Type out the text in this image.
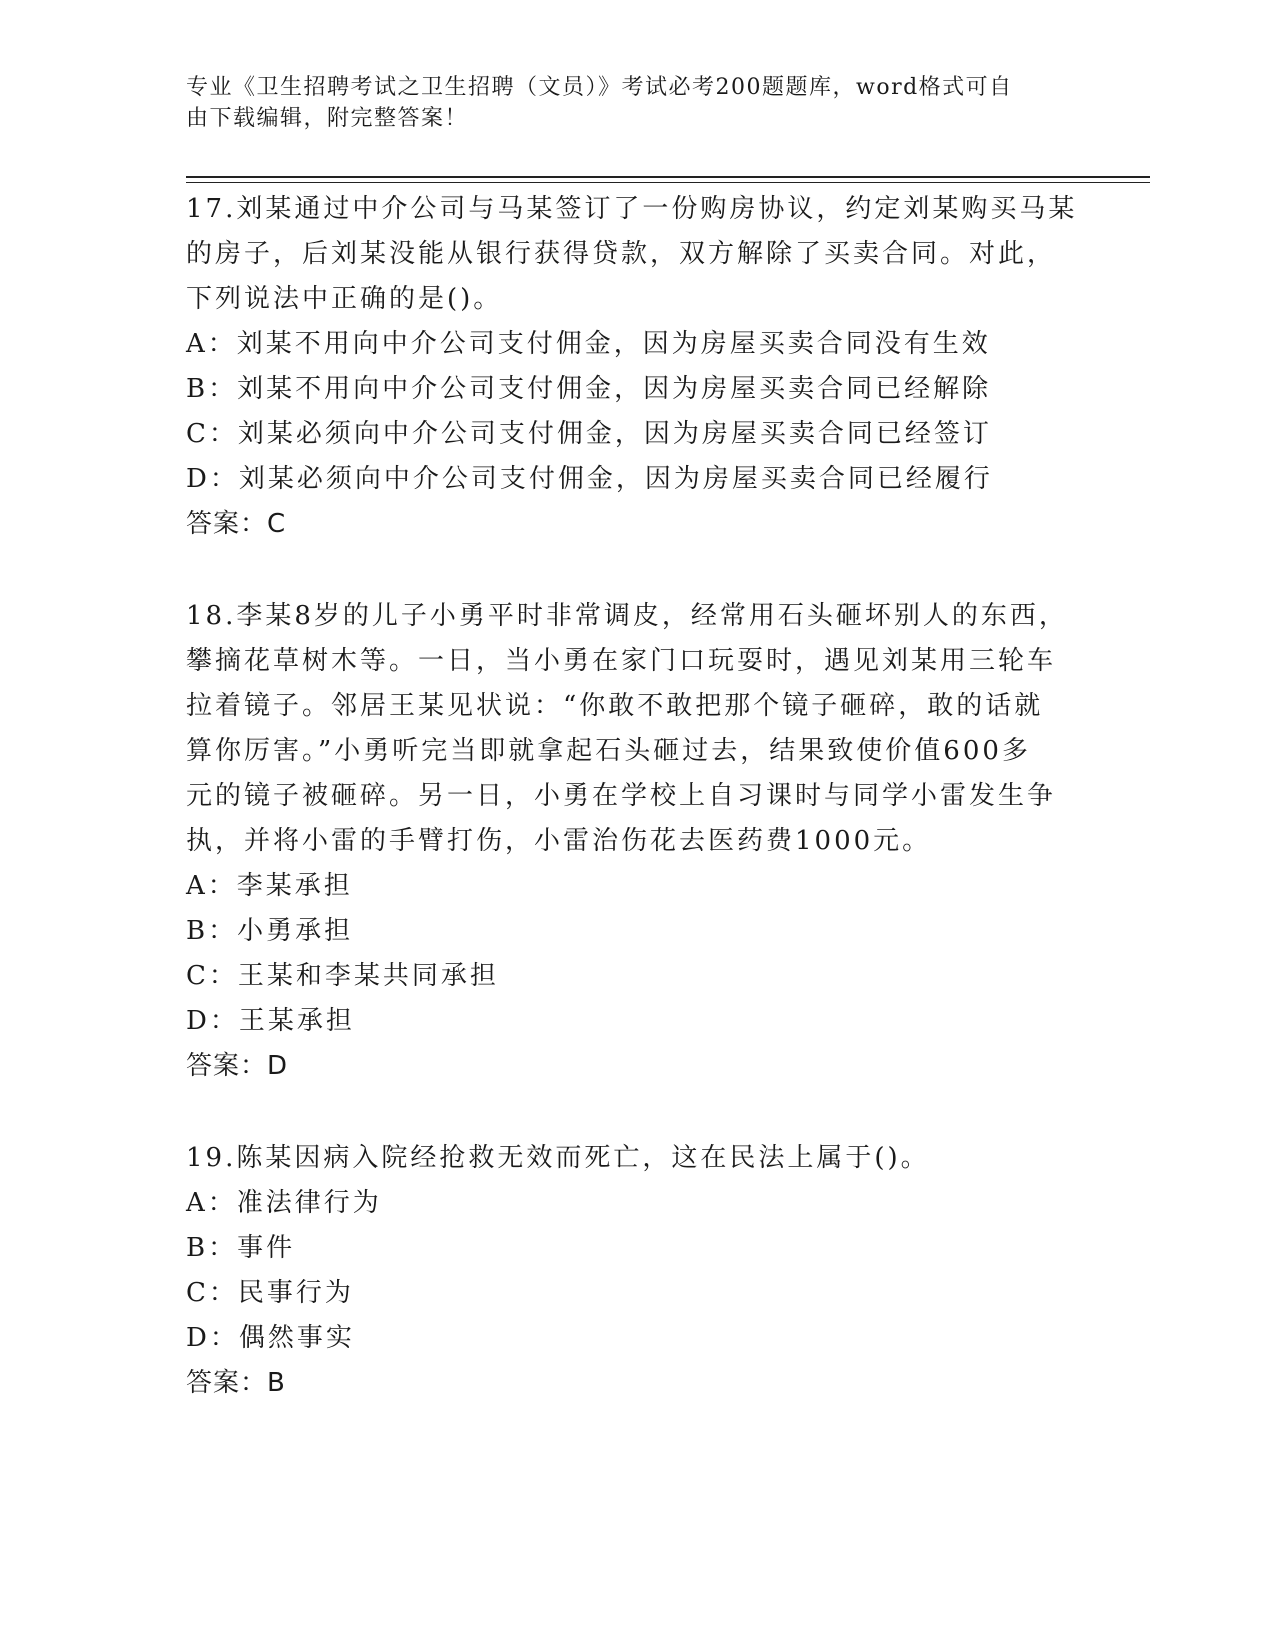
专业《卫生招聘考试之卫生招聘（文员）》考试必考200题题库，word格式可自
由下载编辑，附完整答案！

17.刘某通过中介公司与马某签订了一份购房协议，约定刘某购买马某

的房子，后刘某没能从银行获得贷款，双方解除了买卖合同。对此，

下列说法中正确的是()。

A：刘某不用向中介公司支付佣金，因为房屋买卖合同没有生效

B：刘某不用向中介公司支付佣金，因为房屋买卖合同已经解除

C：刘某必须向中介公司支付佣金，因为房屋买卖合同已经签订

D：刘某必须向中介公司支付佣金，因为房屋买卖合同已经履行

答案：C

18.李某8岁的儿子小勇平时非常调皮，经常用石头砸坏别人的东西，

攀摘花草树木等。一日，当小勇在家门口玩耍时，遇见刘某用三轮车

拉着镜子。邻居王某见状说：“你敢不敢把那个镜子砸碎，敢的话就

算你厉害。”小勇听完当即就拿起石头砸过去，结果致使价值600多

元的镜子被砸碎。另一日，小勇在学校上自习课时与同学小雷发生争

执，并将小雷的手臂打伤，小雷治伤花去医药费1000元。

A：李某承担

B：小勇承担

C：王某和李某共同承担

D：王某承担

答案：D

19.陈某因病入院经抢救无效而死亡，这在民法上属于()。

A：准法律行为

B：事件

C：民事行为

D：偶然事实

答案：B
